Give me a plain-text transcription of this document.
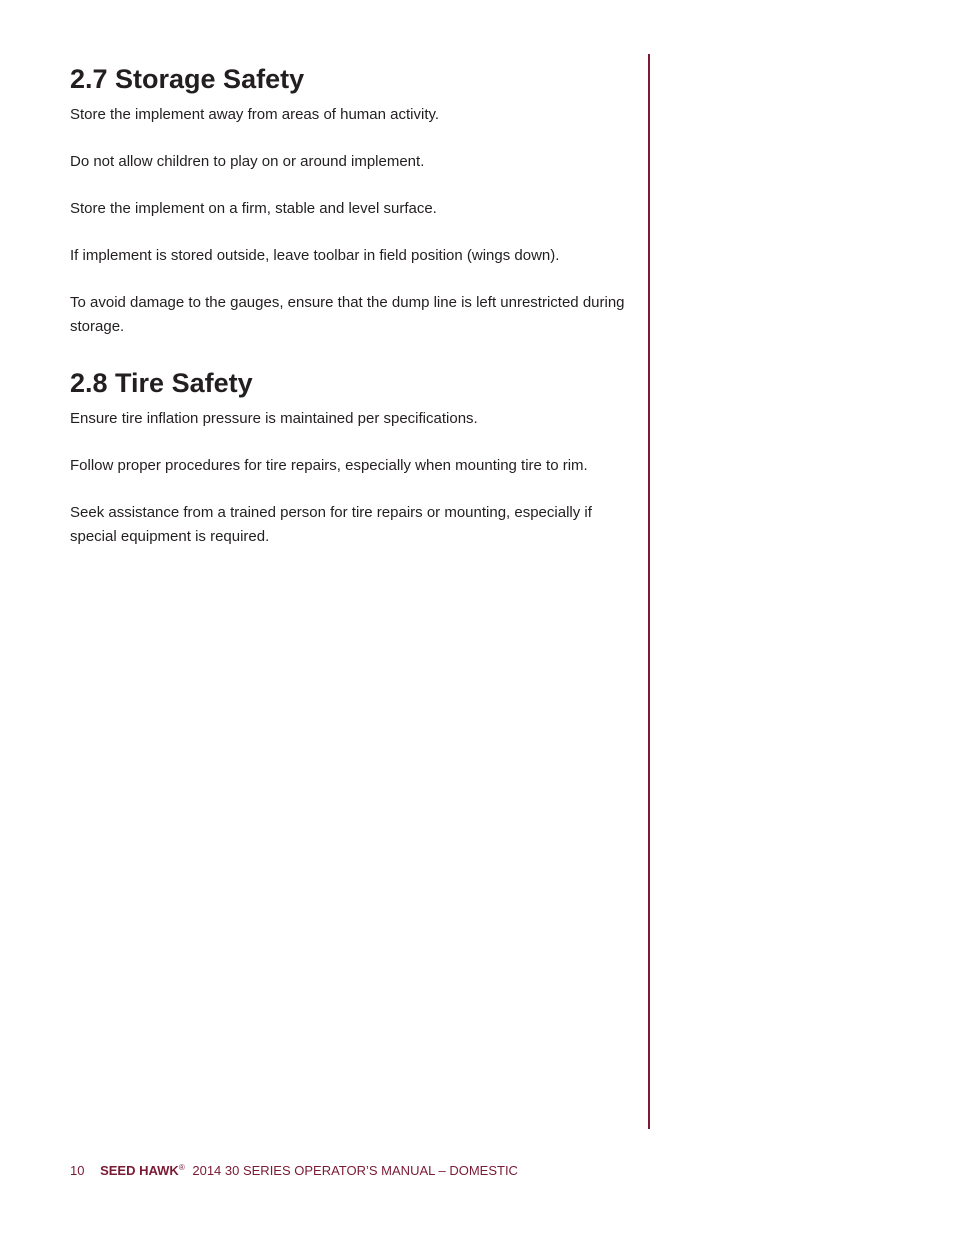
2.7 Storage Safety

Store the implement away from areas of human activity.

Do not allow children to play on or around implement.

Store the implement on a firm, stable and level surface.

If implement is stored outside, leave toolbar in field position (wings down).

To avoid damage to the gauges, ensure that the dump line is left unrestricted during storage.

2.8 Tire Safety

Ensure tire inflation pressure is maintained per specifications.

Follow proper procedures for tire repairs, especially when mounting tire to rim.

Seek assistance from a trained person for tire repairs or mounting, especially if special equipment is required.

10 SEED HAWK® 2014 30 SERIES OPERATOR’S MANUAL – DOMESTIC
